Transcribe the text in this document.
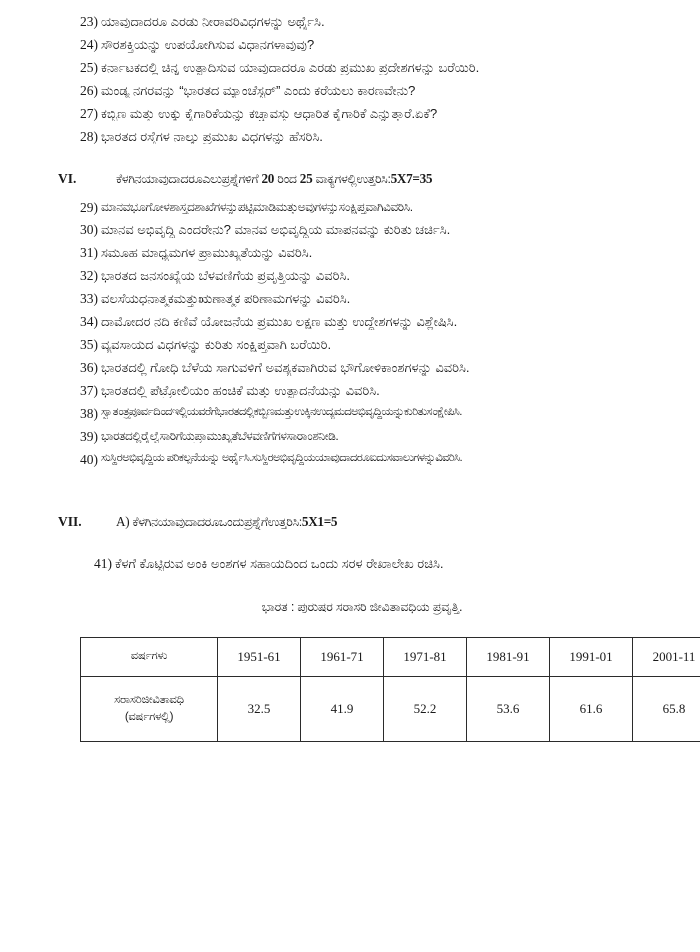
23) ಯಾವುದಾದರೂ ಎರಡು ನೀರಾವರಿವಿಧಗಳನ್ನು ಅರ್ಥೈಸಿ.
24) ಸೌರಶಕ್ತಿಯನ್ನು ಉಪಯೋಗಿಸುವ ವಿಧಾನಗಳಾವುವು?
25) ಕರ್ನಾಟಕದಲ್ಲಿ ಚಿನ್ನ ಉತ್ಪಾದಿಸುವ ಯಾವುದಾದರೂ ಎರಡು ಪ್ರಮುಖ ಪ್ರದೇಶಗಳನ್ನು ಬರೆಯಿರಿ.
26) ಮಂಡ್ಯ ನಗರವನ್ನು “ಭಾರತದ ಮ್ಯಾಂಚೆಸ್ಟರ್” ಎಂದು ಕರೆಯಲು ಕಾರಣವೇನು?
27) ಕಬ್ಬಿಣ ಮತ್ತು ಉಕ್ಕು ಕೈಗಾರಿಕೆಯನ್ನು ಕಚ್ಚಾವಸ್ತು ಆಧಾರಿತ ಕೈಗಾರಿಕೆ ಎನ್ನುತ್ತಾರೆ.ಏಕೆ?
28) ಭಾರತದ ರಸ್ತೆಗಳ ನಾಲ್ಕು ಪ್ರಮುಖ ವಿಧಗಳನ್ನು ಹೆಸರಿಸಿ.
VI.	ಕೆಳಗಿನಯಾವುದಾದರೂಎಲುಪ್ರಶ್ನೆಗಳಿಗೆ 20 ರಿಂದ 25 ವಾಕ್ಯಗಳಲ್ಲಿಉತ್ತರಿಸಿ:5X7=35
29) ಮಾನವಭೂಗೋಳಶಾಸ್ತ್ರದಶಾಖೆಗಳನ್ನುಪಟ್ಟಿಮಾಡಿಮತ್ತುಅವುಗಳನ್ನುಸಂಕ್ಷಿಪ್ತವಾಗಿವಿವರಿಸಿ.
30) ಮಾನವ ಅಭಿವೃದ್ಧಿ ಎಂದರೇನು? ಮಾನವ ಅಭಿವೃದ್ಧಿಯ ಮಾಪನವನ್ನು ಕುರಿತು ಚರ್ಚಿಸಿ.
31) ಸಮೂಹ ಮಾಧ್ಯಮಗಳ ಪ್ರಾಮುಖ್ಯತೆಯನ್ನು ವಿವರಿಸಿ.
32) ಭಾರತದ ಜನಸಂಖ್ಯೆಯ ಬೆಳವಣಿಗೆಯ ಪ್ರವೃತ್ತಿಯನ್ನು ವಿವರಿಸಿ.
33) ವಲಸೆಯಧನಾತ್ಮಕಮತ್ತುಋಣಾತ್ಮಕ ಪರಿಣಾಮಗಳನ್ನು ವಿವರಿಸಿ.
34) ದಾಮೋದರ ನದಿ ಕಣಿವೆ ಯೋಜನೆಯ ಪ್ರಮುಖ ಲಕ್ಷಣ ಮತ್ತು ಉದ್ದೇಶಗಳನ್ನು ವಿಶ್ಲೇಷಿಸಿ.
35) ವ್ಯವಸಾಯದ ವಿಧಗಳನ್ನು ಕುರಿತು ಸಂಕ್ಷಿಪ್ತವಾಗಿ ಬರೆಯಿರಿ.
36) ಭಾರತದಲ್ಲಿ ಗೋಧಿ ಬೆಳೆಯ ಸಾಗುವಳಿಗೆ ಅವಶ್ಯಕವಾಗಿರುವ ಭೌಗೋಳಿಕಾಂಶಗಳನ್ನು ವಿವರಿಸಿ.
37) ಭಾರತದಲ್ಲಿ ಪೆಟ್ರೋಲಿಯಂ ಹಂಚಿಕೆ ಮತ್ತು ಉತ್ಪಾದನೆಯನ್ನು ವಿವರಿಸಿ.
38) ಸ್ವಾತಂತ್ರ್ಯಪೂರ್ವದಿಂದಇಲ್ಲಿಯವರೆಗೆಭಾರತದಲ್ಲಿಕಬ್ಬಿಣಮತ್ತುಉಕ್ಕಿನಉದ್ಯಮದಅಭಿವೃದ್ಧಿಯನ್ನುಕುರಿತುಸಂಕ್ಷೇಪಿಸಿ.
39) ಭಾರತದಲ್ಲಿರೈಲ್ವೆಸಾರಿಗೆಯಪ್ರಾಮುಖ್ಯತೆಬೆಳವಣಿಗೆಗಳಸಾರಾಂಶನೀಡಿ.
40) ಸುಸ್ಥಿರಅಭಿವೃದ್ಧಿಯ ಪರಿಕಲ್ಪನೆಯನ್ನು ಅರ್ಥೈಸಿ.ಸುಸ್ಥಿರಅಭಿವೃದ್ಧಿಯಯಾವುದಾದರೂಐದುಸವಾಲುಗಳನ್ನುವಿವರಿಸಿ.
VII.	A) ಕೆಳಗಿನಯಾವುದಾದರೂಒಂದುಪ್ರಶ್ನೆಗೆಉತ್ತರಿಸಿ:5X1=5
41) ಕೆಳಗೆ ಕೊಟ್ಟಿರುವ ಅಂಕಿ ಅಂಶಗಳ ಸಹಾಯದಿಂದ ಒಂದು ಸರಳ ರೇಖಾಲೇಖ ರಚಿಸಿ.
ಭಾರತ : ಪುರುಷರ ಸರಾಸರಿ ಜೀವಿತಾವಧಿಯ ಪ್ರವೃತ್ತಿ.
ವರ್ಷಗಳು	1951-61	1961-71	1971-81	1981-91	1991-01	2001-11
ಸರಾಸರಿಜೀವಿತಾವಧಿ
(ವರ್ಷಗಳಲ್ಲಿ)	32.5	41.9	52.2	53.6	61.6	65.8
